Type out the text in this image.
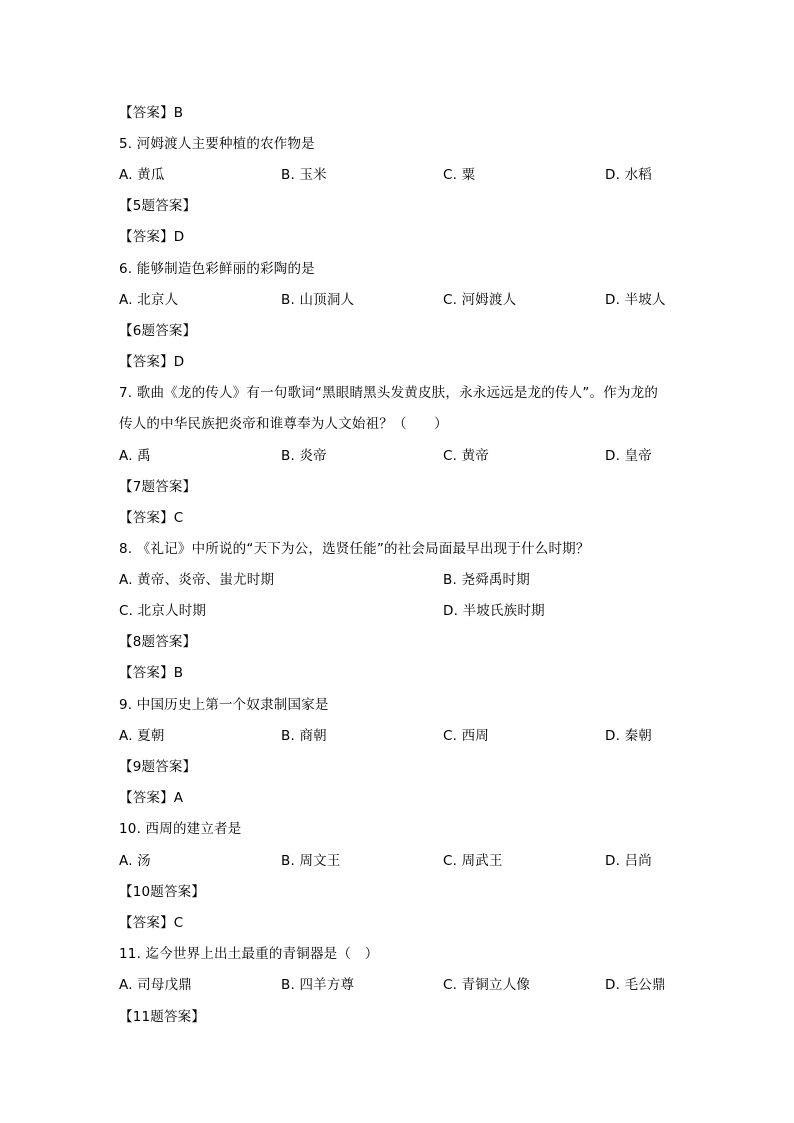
【答案】B
5. 河姆渡人主要种植的农作物是
A. 黄瓜	B. 玉米	C. 粟	D. 水稻
【5题答案】
【答案】D
6. 能够制造色彩鲜丽的彩陶的是
A. 北京人	B. 山顶洞人	C. 河姆渡人	D. 半坡人
【6题答案】
【答案】D
7. 歌曲《龙的传人》有一句歌词“黑眼睛黑头发黄皮肤，永永远远是龙的传人”。作为龙的
传人的中华民族把炎帝和谁尊奉为人文始祖？（　　）
A. 禹	B. 炎帝	C. 黄帝	D. 皇帝
【7题答案】
【答案】C
8. 《礼记》中所说的“天下为公，选贤任能”的社会局面最早出现于什么时期？
A. 黄帝、炎帝、蚩尤时期	B. 尧舜禹时期
C. 北京人时期	D. 半坡氏族时期
【8题答案】
【答案】B
9. 中国历史上第一个奴隶制国家是
A. 夏朝	B. 商朝	C. 西周	D. 秦朝
【9题答案】
【答案】A
10. 西周的建立者是
A. 汤	B. 周文王	C. 周武王	D. 吕尚
【10题答案】
【答案】C
11. 迄今世界上出土最重的青铜器是（　）
A. 司母戊鼎	B. 四羊方尊	C. 青铜立人像	D. 毛公鼎
【11题答案】
